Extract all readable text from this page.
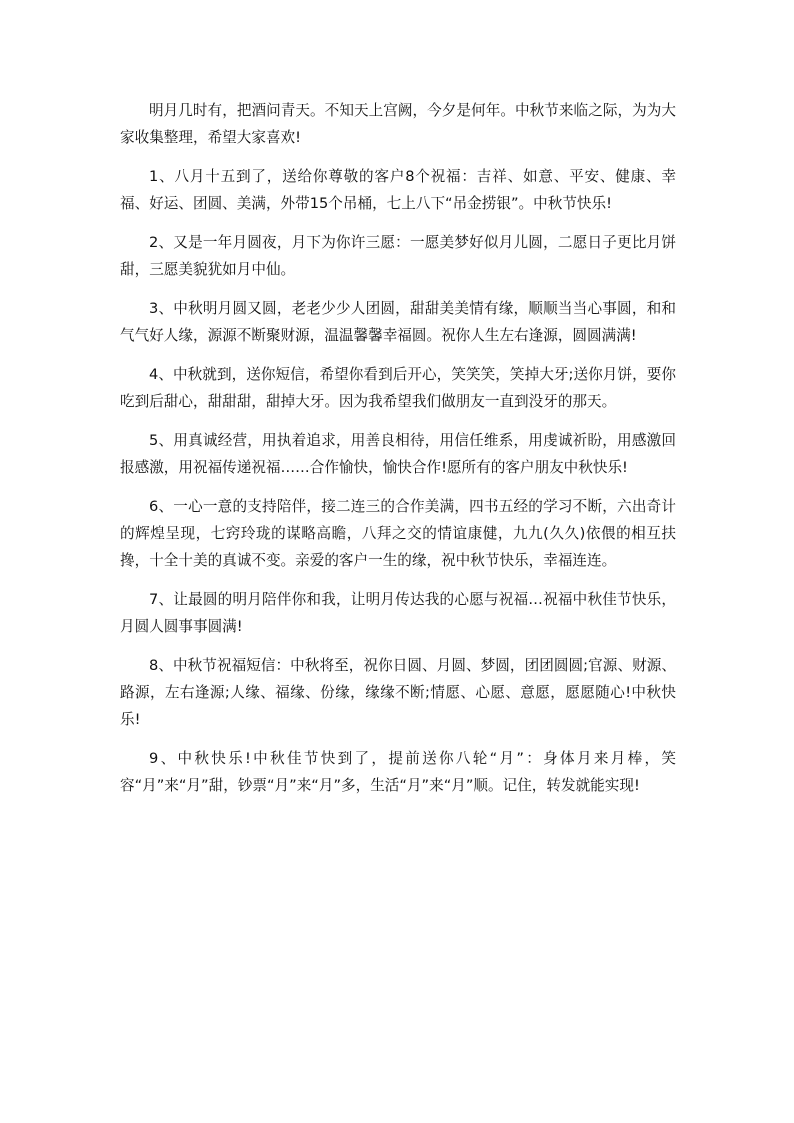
明月几时有，把酒问青天。不知天上宫阙，今夕是何年。中秋节来临之际，为为大家收集整理，希望大家喜欢!

1、八月十五到了，送给你尊敬的客户8个祝福：吉祥、如意、平安、健康、幸福、好运、团圆、美满，外带15个吊桶，七上八下“吊金捞银”。中秋节快乐!

2、又是一年月圆夜，月下为你许三愿：一愿美梦好似月儿圆，二愿日子更比月饼甜，三愿美貌犹如月中仙。

3、中秋明月圆又圆，老老少少人团圆，甜甜美美情有缘，顺顺当当心事圆，和和气气好人缘，源源不断聚财源，温温馨馨幸福圆。祝你人生左右逢源，圆圆满满!

4、中秋就到，送你短信，希望你看到后开心，笑笑笑，笑掉大牙;送你月饼，要你吃到后甜心，甜甜甜，甜掉大牙。因为我希望我们做朋友一直到没牙的那天。

5、用真诚经营，用执着追求，用善良相待，用信任维系，用虔诚祈盼，用感激回报感激，用祝福传递祝福……合作愉快，愉快合作!愿所有的客户朋友中秋快乐!

6、一心一意的支持陪伴，接二连三的合作美满，四书五经的学习不断，六出奇计的辉煌呈现，七窍玲珑的谋略高瞻，八拜之交的情谊康健，九九(久久)依偎的相互扶搀，十全十美的真诚不变。亲爱的客户一生的缘，祝中秋节快乐，幸福连连。

7、让最圆的明月陪伴你和我，让明月传达我的心愿与祝福…祝福中秋佳节快乐，月圆人圆事事圆满!

8、中秋节祝福短信：中秋将至，祝你日圆、月圆、梦圆，团团圆圆;官源、财源、路源，左右逢源;人缘、福缘、份缘，缘缘不断;情愿、心愿、意愿，愿愿随心!中秋快乐!

9、中秋快乐!中秋佳节快到了，提前送你八轮“月”：身体月来月棒，笑容“月”来“月”甜，钞票“月”来“月”多，生活“月”来“月”顺。记住，转发就能实现!
